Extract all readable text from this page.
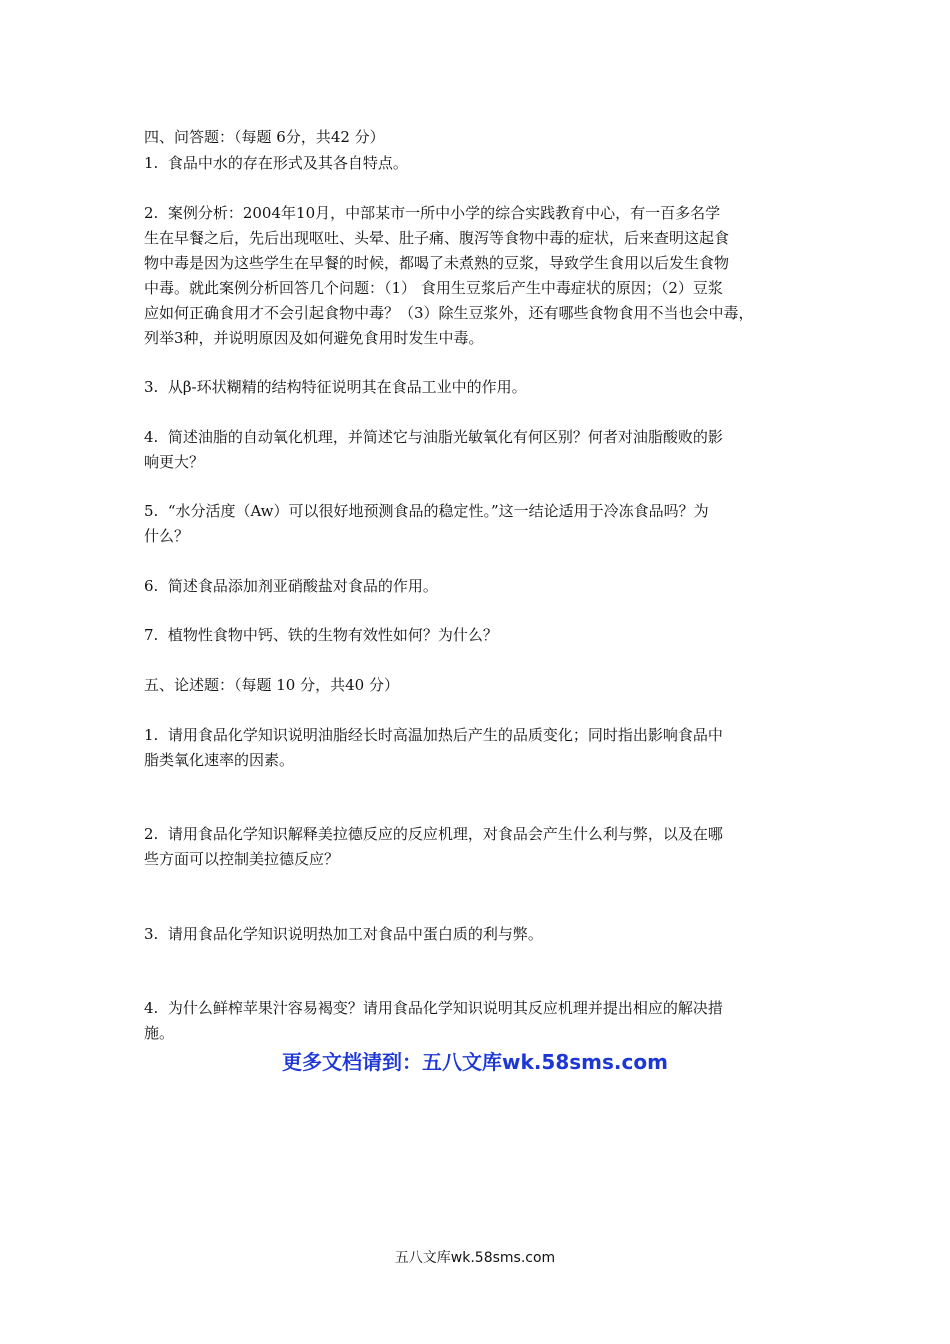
四、问答题：（每题 6分，共42 分）
1.  食品中水的存在形式及其各自特点。
2.  案例分析：2004年10月，中部某市一所中小学的综合实践教育中心，有一百多名学
生在早餐之后，先后出现呕吐、头晕、肚子痛、腹泻等食物中毒的症状，后来查明这起食
物中毒是因为这些学生在早餐的时候，都喝了未煮熟的豆浆，导致学生食用以后发生食物
中毒。就此案例分析回答几个问题：（1） 食用生豆浆后产生中毒症状的原因；（2）豆浆
应如何正确食用才不会引起食物中毒？（3）除生豆浆外，还有哪些食物食用不当也会中毒，
列举3种，并说明原因及如何避免食用时发生中毒。
3.  从β-环状糊精的结构特征说明其在食品工业中的作用。
4.  简述油脂的自动氧化机理，并简述它与油脂光敏氧化有何区别？何者对油脂酸败的影
响更大？
5.  “水分活度（Aw）可以很好地预测食品的稳定性。”这一结论适用于冷冻食品吗？为
什么？
6.  简述食品添加剂亚硝酸盐对食品的作用。
7.  植物性食物中钙、铁的生物有效性如何？为什么？
五、论述题：（每题 10 分，共40 分）
1.  请用食品化学知识说明油脂经长时高温加热后产生的品质变化；同时指出影响食品中
脂类氧化速率的因素。
2.  请用食品化学知识解释美拉德反应的反应机理，对食品会产生什么利与弊，以及在哪
些方面可以控制美拉德反应？
3.  请用食品化学知识说明热加工对食品中蛋白质的利与弊。
4.  为什么鲜榨苹果汁容易褐变？请用食品化学知识说明其反应机理并提出相应的解决措
施。
更多文档请到：五八文库wk.58sms.com
五八文库wk.58sms.com
